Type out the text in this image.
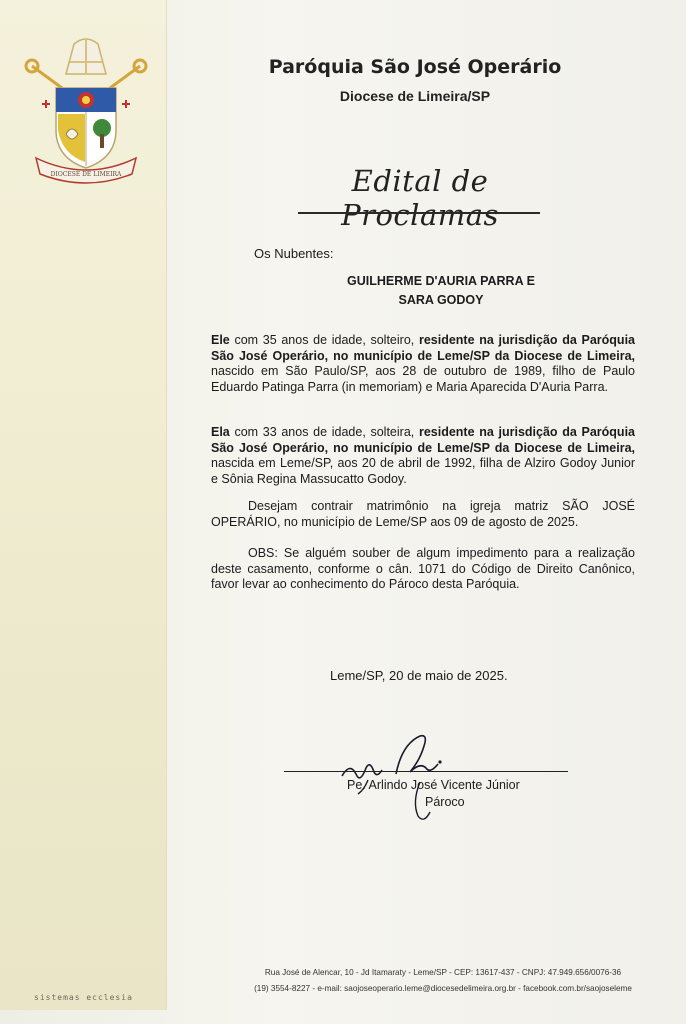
DIOCESE DE LIMEIRA
sistemas ecclesia
Paróquia São José Operário
Diocese de Limeira/SP
Edital de Proclamas
Os Nubentes:
GUILHERME D'AURIA PARRA E
SARA GODOY

Ele com 35 anos de idade, solteiro, residente na jurisdição da Paróquia São José Operário, no município de Leme/SP da Diocese de Limeira, nascido em São Paulo/SP, aos 28 de outubro de 1989, filho de Paulo Eduardo Patinga Parra (in memoriam) e Maria Aparecida D'Auria Parra.

Ela com 33 anos de idade, solteira, residente na jurisdição da Paróquia São José Operário, no município de Leme/SP da Diocese de Limeira, nascida em Leme/SP, aos 20 de abril de 1992, filha de Alziro Godoy Junior e Sônia Regina Massucatto Godoy.

Desejam contrair matrimônio na igreja matriz SÃO JOSÉ OPERÁRIO, no município de Leme/SP aos 09 de agosto de 2025.

OBS: Se alguém souber de algum impedimento para a realização deste casamento, conforme o cân. 1071 do Código de Direito Canônico, favor levar ao conhecimento do Pároco desta Paróquia.

Leme/SP, 20 de maio de 2025.
Pe. Arlindo José Vicente Júnior
Pároco
Rua José de Alencar, 10 - Jd Itamaraty - Leme/SP - CEP: 13617-437 - CNPJ: 47.949.656/0076-36
(19) 3554-8227 - e-mail: saojoseoperario.leme@diocesedelimeira.org.br - facebook.com.br/saojoseleme
